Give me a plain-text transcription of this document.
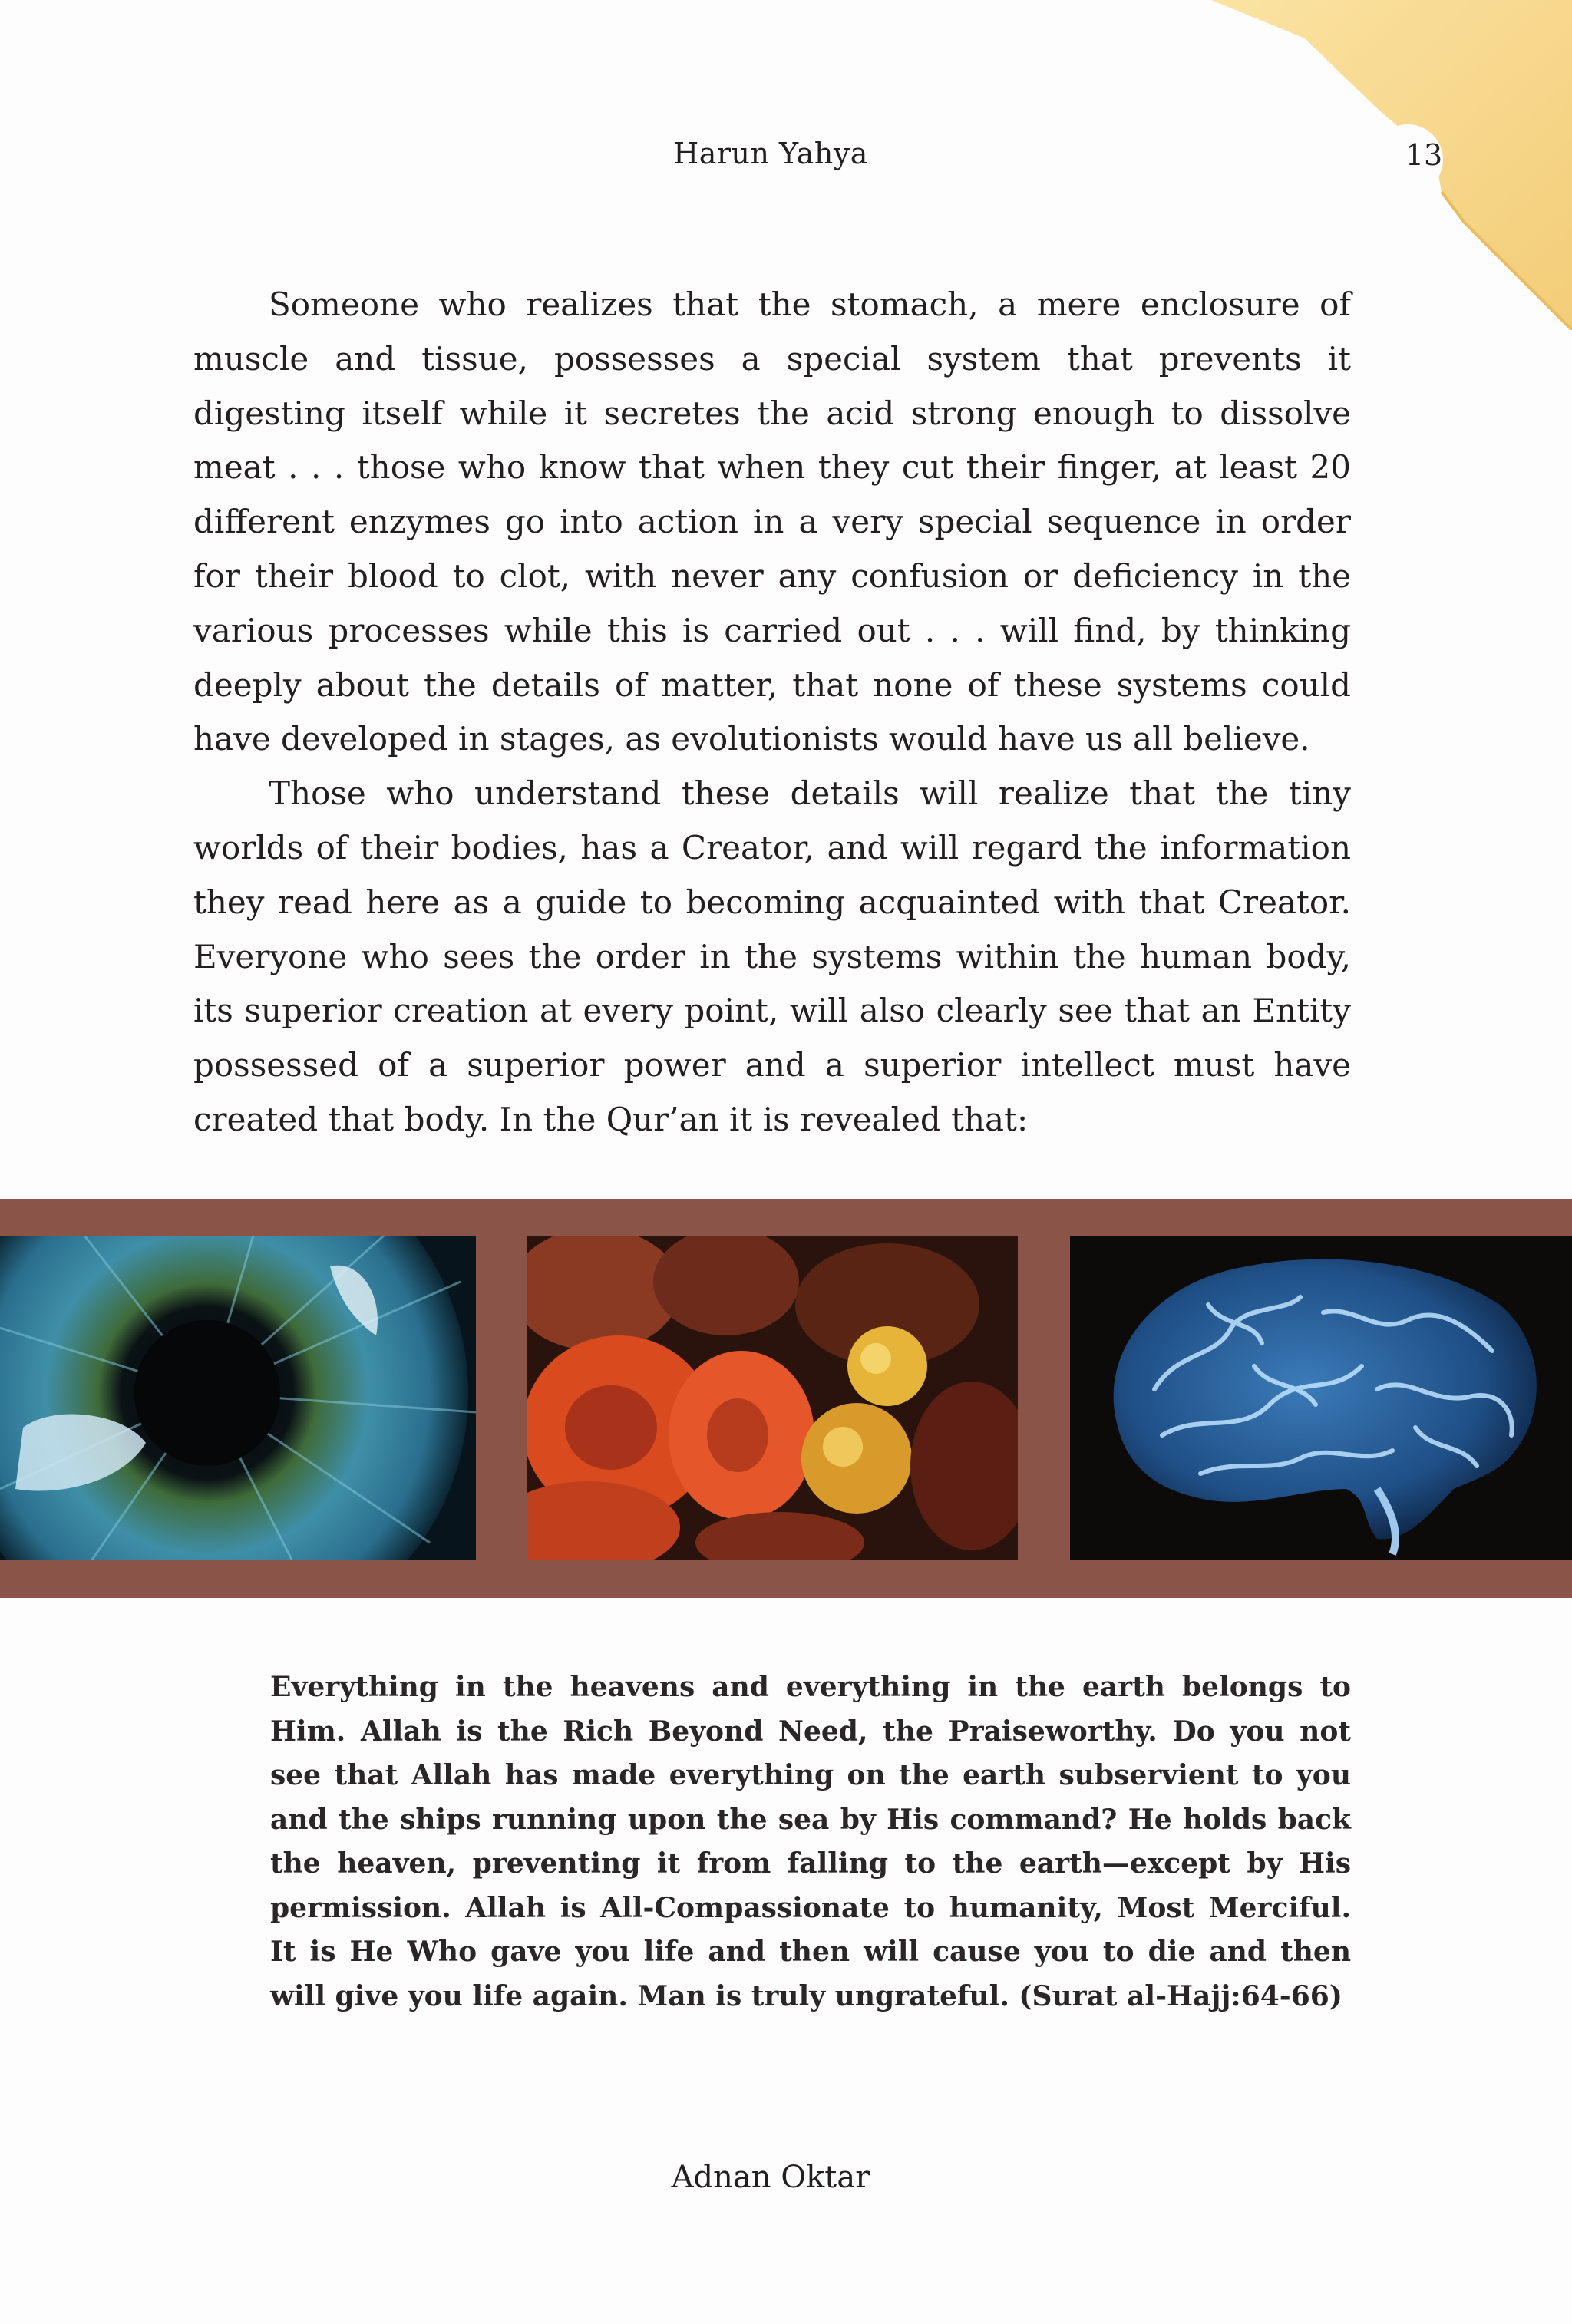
Harun Yahya	13

Someone who realizes that the stomach, a mere enclosure of muscle and tissue, possesses a special system that prevents it digesting itself while it secretes the acid strong enough to dissolve meat . . . those who know that when they cut their finger, at least 20 different enzymes go into action in a very special sequence in order for their blood to clot, with never any confusion or deficiency in the various processes while this is carried out . . . will find, by thinking deeply about the details of matter, that none of these systems could have developed in stages, as evolutionists would have us all believe.

Those who understand these details will realize that the tiny worlds of their bodies, has a Creator, and will regard the information they read here as a guide to becoming acquainted with that Creator. Everyone who sees the order in the systems within the human body, its superior creation at every point, will also clearly see that an Entity possessed of a superior power and a superior intellect must have created that body. In the Qur’an it is revealed that:

Everything in the heavens and everything in the earth belongs to Him. Allah is the Rich Beyond Need, the Praiseworthy. Do you not see that Allah has made everything on the earth subservient to you and the ships running upon the sea by His command? He holds back the heaven, preventing it from falling to the earth—except by His permission. Allah is All-Compassionate to humanity, Most Merciful. It is He Who gave you life and then will cause you to die and then will give you life again. Man is truly ungrateful. (Surat al-Hajj:64-66)
Adnan Oktar
